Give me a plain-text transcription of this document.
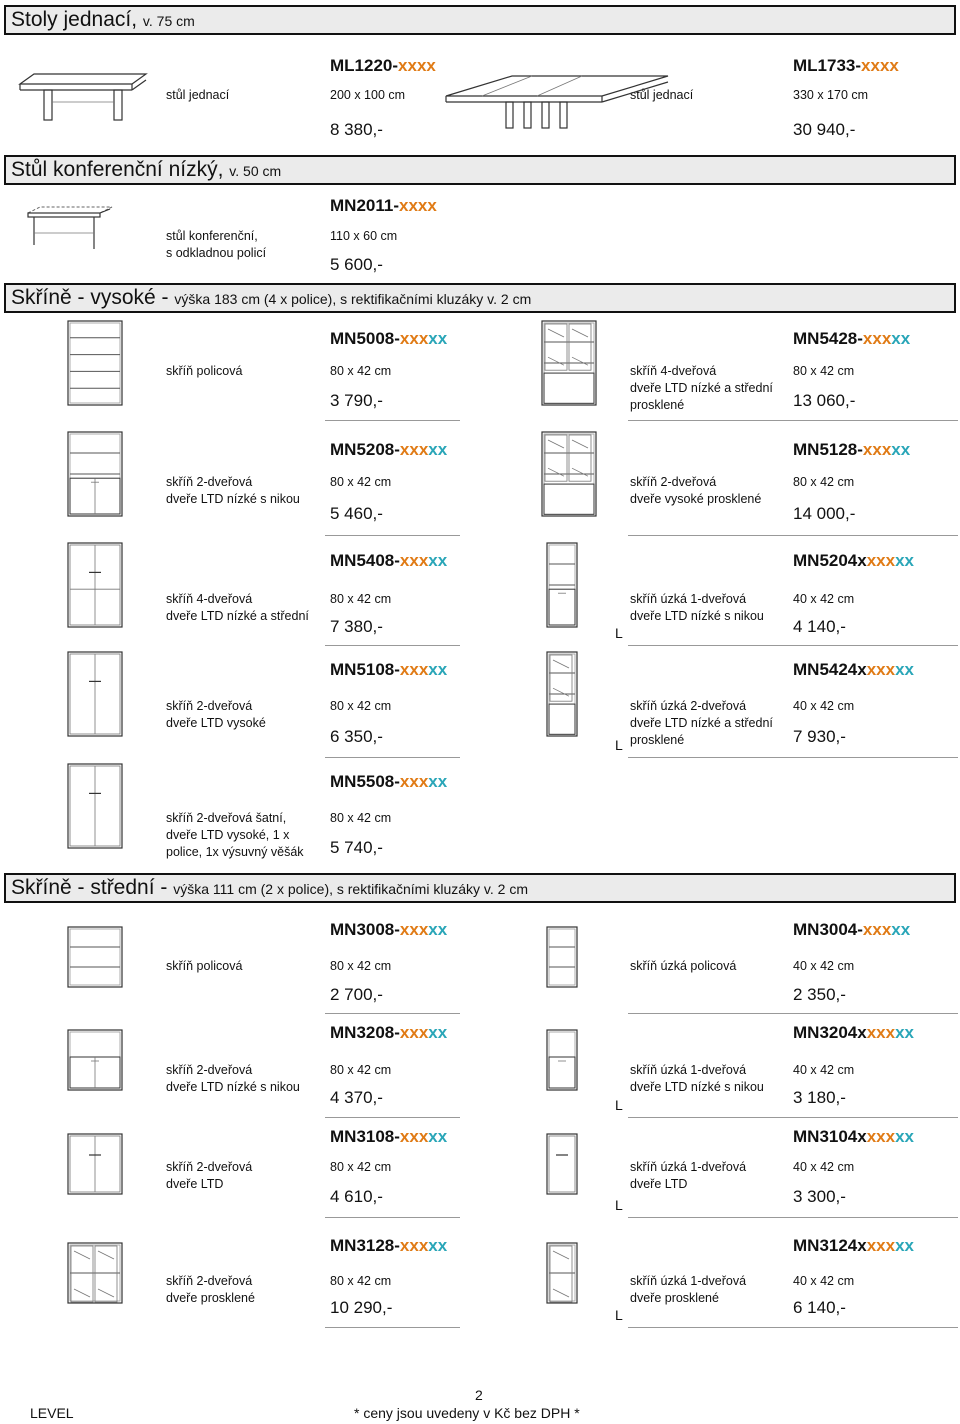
Stoly jednací, v. 75 cm
Stůl konferenční nízký, v. 50 cm
Skříně - vysoké - výška 183 cm (4 x police), s rektifikačními kluzáky v. 2 cm
Skříně - střední - výška 111 cm (2 x police), s rektifikačními kluzáky v. 2 cm
ML1220-xxxx
stůl jednací	200 x 100 cm
8 380,-
ML1733-xxxx
stůl jednací	330 x 170 cm
30 940,-
MN2011-xxxx
stůl konferenční,
s odkladnou policí
110 x 60 cm
5 600,-
MN5008-xxxxx
skříň policová	80 x 42 cm
3 790,-
MN5428-xxxxx
skříň 4-dveřová
dveře LTD nízké a střední
prosklené
80 x 42 cm
13 060,-
MN5208-xxxxx
skříň 2-dveřová
dveře LTD nízké s nikou
80 x 42 cm
5 460,-
MN5128-xxxxx
skříň 2-dveřová
dveře vysoké prosklené
80 x 42 cm
14 000,-
MN5408-xxxxx
skříň 4-dveřová
dveře LTD nízké a střední
80 x 42 cm
7 380,-
MN5204xxxxxx
skříň úzká 1-dveřová
dveře LTD nízké s nikou
40 x 42 cm
4 140,-
L
MN5108-xxxxx
skříň 2-dveřová
dveře LTD vysoké
80 x 42 cm
6 350,-
MN5424xxxxxx
skříň úzká 2-dveřová
dveře LTD nízké a střední
prosklené
40 x 42 cm
7 930,-
L
MN5508-xxxxx
skříň 2-dveřová šatní,
dveře LTD vysoké, 1 x
police, 1x výsuvný věšák
80 x 42 cm
5 740,-
MN3008-xxxxx
skříň policová	80 x 42 cm
2 700,-
MN3004-xxxxx
skříň úzká policová	40 x 42 cm
2 350,-
MN3208-xxxxx
skříň 2-dveřová
dveře LTD nízké s nikou
80 x 42 cm
4 370,-
MN3204xxxxxx
skříň úzká 1-dveřová
dveře LTD nízké s nikou
40 x 42 cm
3 180,-
L
MN3108-xxxxx
skříň 2-dveřová
dveře LTD
80 x 42 cm
4 610,-
MN3104xxxxxx
skříň úzká 1-dveřová
dveře LTD
40 x 42 cm
3 300,-
L
MN3128-xxxxx
skříň 2-dveřová
dveře prosklené
80 x 42 cm
10 290,-
MN3124xxxxxx
skříň úzká 1-dveřová
dveře prosklené
40 x 42 cm
6 140,-
L
LEVEL
2
* ceny jsou uvedeny v Kč bez DPH *
